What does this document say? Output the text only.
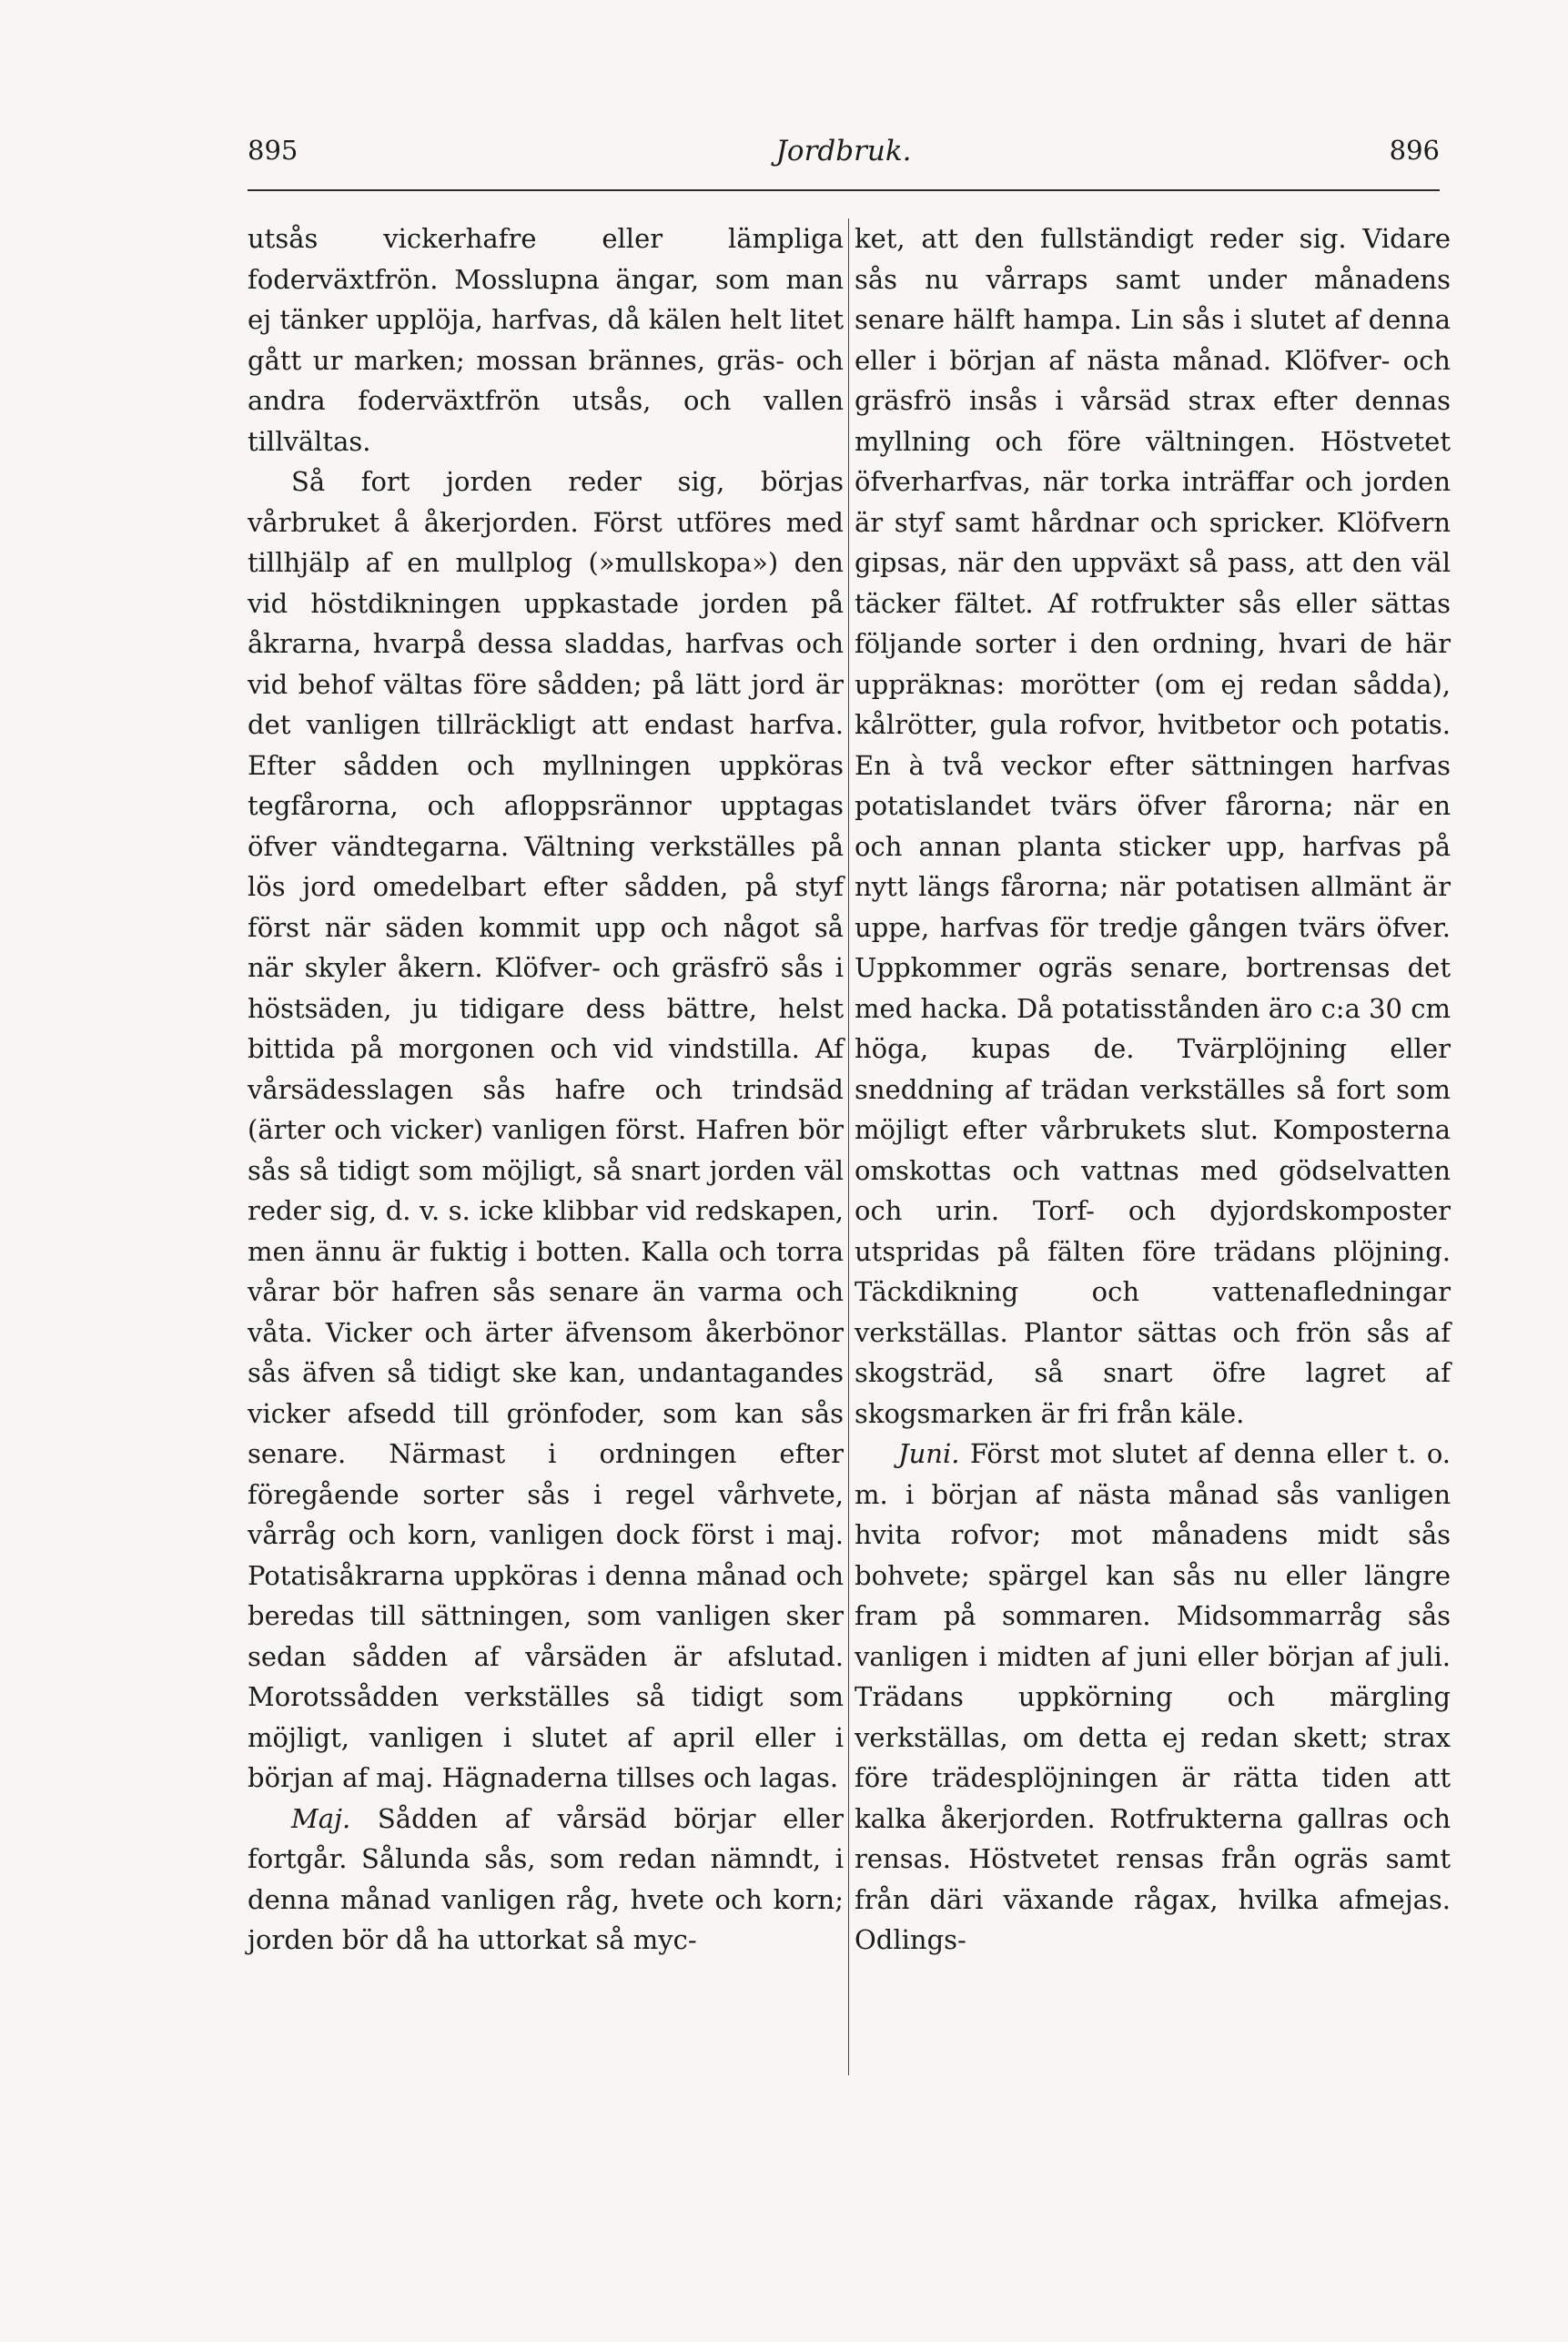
895	Jordbruk.	896

utsås vickerhafre eller lämpliga foderväxtfrön. Mosslupna ängar, som man ej tänker upplöja, harfvas, då kälen helt litet gått ur marken; mossan brännes, gräs- och andra foderväxtfrön utsås, och vallen tillvältas.

Så fort jorden reder sig, börjas vårbruket å åkerjorden. Först utföres med tillhjälp af en mullplog (»mullskopa») den vid höstdikningen uppkastade jorden på åkrarna, hvarpå dessa sladdas, harfvas och vid behof vältas före sådden; på lätt jord är det vanligen tillräckligt att endast harfva. Efter sådden och myllningen uppköras tegfårorna, och afloppsrännor upptagas öfver vändtegarna. Vältning verkställes på lös jord omedelbart efter sådden, på styf först när säden kommit upp och något så när skyler åkern. Klöfver- och gräsfrö sås i höstsäden, ju tidigare dess bättre, helst bittida på morgonen och vid vindstilla. Af vårsädesslagen sås hafre och trindsäd (ärter och vicker) vanligen först. Hafren bör sås så tidigt som möjligt, så snart jorden väl reder sig, d. v. s. icke klibbar vid redskapen, men ännu är fuktig i botten. Kalla och torra vårar bör hafren sås senare än varma och våta. Vicker och ärter äfvensom åkerbönor sås äfven så tidigt ske kan, undantagandes vicker afsedd till grönfoder, som kan sås senare. Närmast i ordningen efter föregående sorter sås i regel vårhvete, vårråg och korn, vanligen dock först i maj. Potatisåkrarna uppköras i denna månad och beredas till sättningen, som vanligen sker sedan sådden af vårsäden är afslutad. Morotssådden verkställes så tidigt som möjligt, vanligen i slutet af april eller i början af maj. Hägnaderna tillses och lagas.

Maj. Sådden af vårsäd börjar eller fortgår. Sålunda sås, som redan nämndt, i denna månad vanligen råg, hvete och korn; jorden bör då ha uttorkat så myc-

ket, att den fullständigt reder sig. Vidare sås nu vårraps samt under månadens senare hälft hampa. Lin sås i slutet af denna eller i början af nästa månad. Klöfver- och gräsfrö insås i vårsäd strax efter dennas myllning och före vältningen. Höstvetet öfverharfvas, när torka inträffar och jorden är styf samt hårdnar och spricker. Klöfvern gipsas, när den uppväxt så pass, att den väl täcker fältet. Af rotfrukter sås eller sättas följande sorter i den ordning, hvari de här uppräknas: morötter (om ej redan sådda), kålrötter, gula rofvor, hvitbetor och potatis. En à två veckor efter sättningen harfvas potatislandet tvärs öfver fårorna; när en och annan planta sticker upp, harfvas på nytt längs fårorna; när potatisen allmänt är uppe, harfvas för tredje gången tvärs öfver. Uppkommer ogräs senare, bortrensas det med hacka. Då potatisstånden äro c:a 30 cm höga, kupas de. Tvärplöjning eller sneddning af trädan verkställes så fort som möjligt efter vårbrukets slut. Komposterna omskottas och vattnas med gödselvatten och urin. Torf- och dyjordskomposter utspridas på fälten före trädans plöjning. Täckdikning och vattenafledningar verkställas. Plantor sättas och frön sås af skogsträd, så snart öfre lagret af skogsmarken är fri från käle.

Juni. Först mot slutet af denna eller t. o. m. i början af nästa månad sås vanligen hvita rofvor; mot månadens midt sås bohvete; spärgel kan sås nu eller längre fram på sommaren. Midsommarråg sås vanligen i midten af juni eller början af juli. Trädans uppkörning och märgling verkställas, om detta ej redan skett; strax före trädesplöjningen är rätta tiden att kalka åkerjorden. Rotfrukterna gallras och rensas. Höstvetet rensas från ogräs samt från däri växande rågax, hvilka afmejas. Odlings-
